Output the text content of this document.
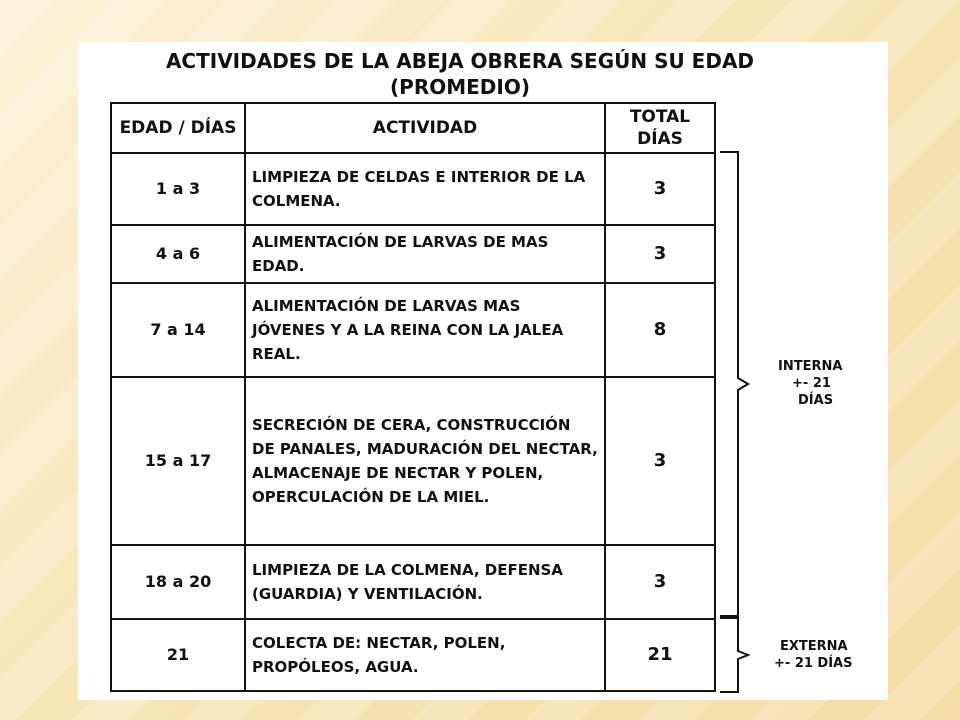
ACTIVIDADES DE LA ABEJA OBRERA SEGÚN SU EDAD (PROMEDIO)
EDAD / DÍAS	ACTIVIDAD	TOTAL DÍAS
1 a 3	LIMPIEZA DE CELDAS E INTERIOR DE LA COLMENA.	3
4 a 6	ALIMENTACIÓN DE LARVAS DE MAS EDAD.	3
7 a 14	ALIMENTACIÓN DE LARVAS MAS JÓVENES Y A LA REINA CON LA JALEA REAL.	8
15 a 17	SECRECIÓN DE CERA, CONSTRUCCIÓN DE PANALES, MADURACIÓN DEL NECTAR, ALMACENAJE DE NECTAR Y POLEN, OPERCULACIÓN DE LA MIEL.	3
18 a 20	LIMPIEZA DE LA COLMENA, DEFENSA (GUARDIA) Y VENTILACIÓN.	3
21	COLECTA DE: NECTAR, POLEN, PROPÓLEOS, AGUA.	21
INTERNA
+- 21
DÍAS
EXTERNA
+- 21 DÍAS
